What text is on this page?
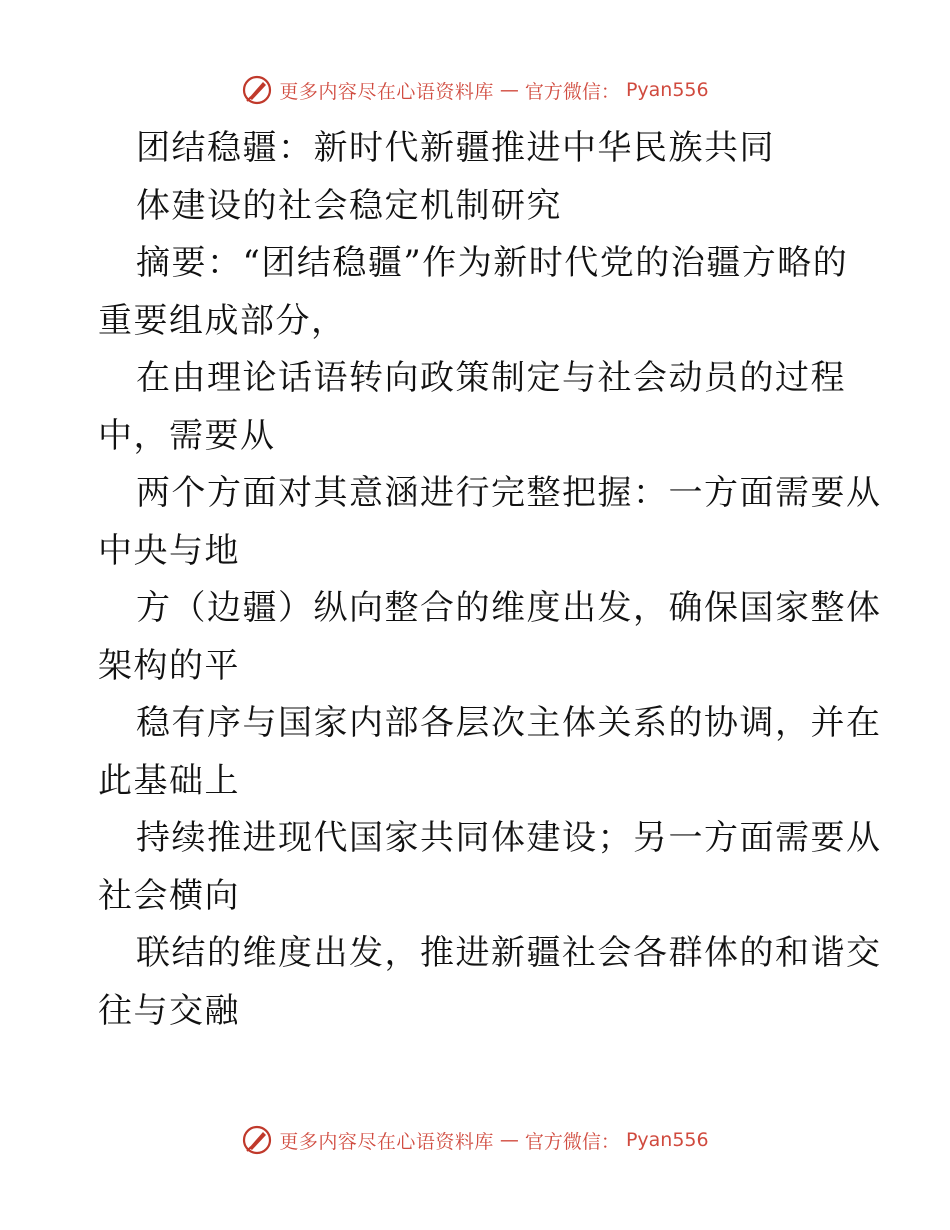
更多内容尽在心语资料库 — 官方微信： Pyan556
团结稳疆：新时代新疆推进中华民族共同
体建设的社会稳定机制研究
摘要：“团结稳疆”作为新时代党的治疆方略的
重要组成部分，
在由理论话语转向政策制定与社会动员的过程
中，需要从
两个方面对其意涵进行完整把握：一方面需要从
中央与地
方（边疆）纵向整合的维度出发，确保国家整体
架构的平
稳有序与国家内部各层次主体关系的协调，并在
此基础上
持续推进现代国家共同体建设；另一方面需要从
社会横向
联结的维度出发，推进新疆社会各群体的和谐交
往与交融
更多内容尽在心语资料库 — 官方微信： Pyan556
